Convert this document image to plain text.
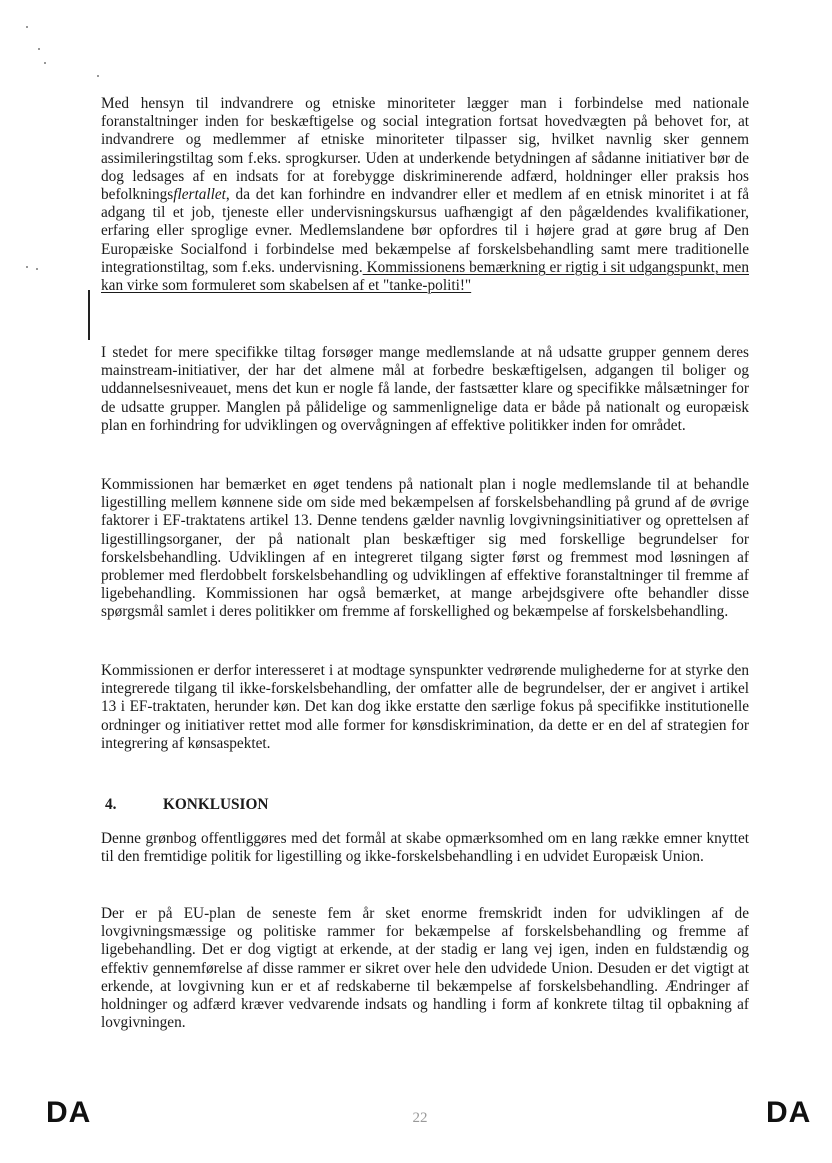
Med hensyn til indvandrere og etniske minoriteter lægger man i forbindelse med nationale foranstaltninger inden for beskæftigelse og social integration fortsat hovedvægten på behovet for, at indvandrere og medlemmer af etniske minoriteter tilpasser sig, hvilket navnlig sker gennem assimileringstiltag som f.eks. sprogkurser. Uden at underkende betydningen af sådanne initiativer bør de dog ledsages af en indsats for at forebygge diskriminerende adfærd, holdninger eller praksis hos befolkningsflertallet, da det kan forhindre en indvandrer eller et medlem af en etnisk minoritet i at få adgang til et job, tjeneste eller undervisningskursus uafhængigt af den pågældendes kvalifikationer, erfaring eller sproglige evner. Medlemslandene bør opfordres til i højere grad at gøre brug af Den Europæiske Socialfond i forbindelse med bekæmpelse af forskelsbehandling samt mere traditionelle integrationstiltag, som f.eks. undervisning. Kommissionens bemærkning er rigtig i sit udgangspunkt, men kan virke som formuleret som skabelsen af et "tanke-politi!"

I stedet for mere specifikke tiltag forsøger mange medlemslande at nå udsatte grupper gennem deres mainstream-initiativer, der har det almene mål at forbedre beskæftigelsen, adgangen til boliger og uddannelsesniveauet, mens det kun er nogle få lande, der fastsætter klare og specifikke målsætninger for de udsatte grupper. Manglen på pålidelige og sammenlignelige data er både på nationalt og europæisk plan en forhindring for udviklingen og overvågningen af effektive politikker inden for området.

Kommissionen har bemærket en øget tendens på nationalt plan i nogle medlemslande til at behandle ligestilling mellem kønnene side om side med bekæmpelsen af forskelsbehandling på grund af de øvrige faktorer i EF-traktatens artikel 13. Denne tendens gælder navnlig lovgivningsinitiativer og oprettelsen af ligestillingsorganer, der på nationalt plan beskæftiger sig med forskellige begrundelser for forskelsbehandling. Udviklingen af en integreret tilgang sigter først og fremmest mod løsningen af problemer med flerdobbelt forskelsbehandling og udviklingen af effektive foranstaltninger til fremme af ligebehandling. Kommissionen har også bemærket, at mange arbejdsgivere ofte behandler disse spørgsmål samlet i deres politikker om fremme af forskellighed og bekæmpelse af forskelsbehandling.

Kommissionen er derfor interesseret i at modtage synspunkter vedrørende mulighederne for at styrke den integrerede tilgang til ikke-forskelsbehandling, der omfatter alle de begrundelser, der er angivet i artikel 13 i EF-traktaten, herunder køn. Det kan dog ikke erstatte den særlige fokus på specifikke institutionelle ordninger og initiativer rettet mod alle former for kønsdiskrimination, da dette er en del af strategien for integrering af kønsaspektet.

4.	KONKLUSION

Denne grønbog offentliggøres med det formål at skabe opmærksomhed om en lang række emner knyttet til den fremtidige politik for ligestilling og ikke-forskelsbehandling i en udvidet Europæisk Union.

Der er på EU-plan de seneste fem år sket enorme fremskridt inden for udviklingen af de lovgivningsmæssige og politiske rammer for bekæmpelse af forskelsbehandling og fremme af ligebehandling. Det er dog vigtigt at erkende, at der stadig er lang vej igen, inden en fuldstændig og effektiv gennemførelse af disse rammer er sikret over hele den udvidede Union. Desuden er det vigtigt at erkende, at lovgivning kun er et af redskaberne til bekæmpelse af forskelsbehandling. Ændringer af holdninger og adfærd kræver vedvarende indsats og handling i form af konkrete tiltag til opbakning af lovgivningen.

DA	22	DA
